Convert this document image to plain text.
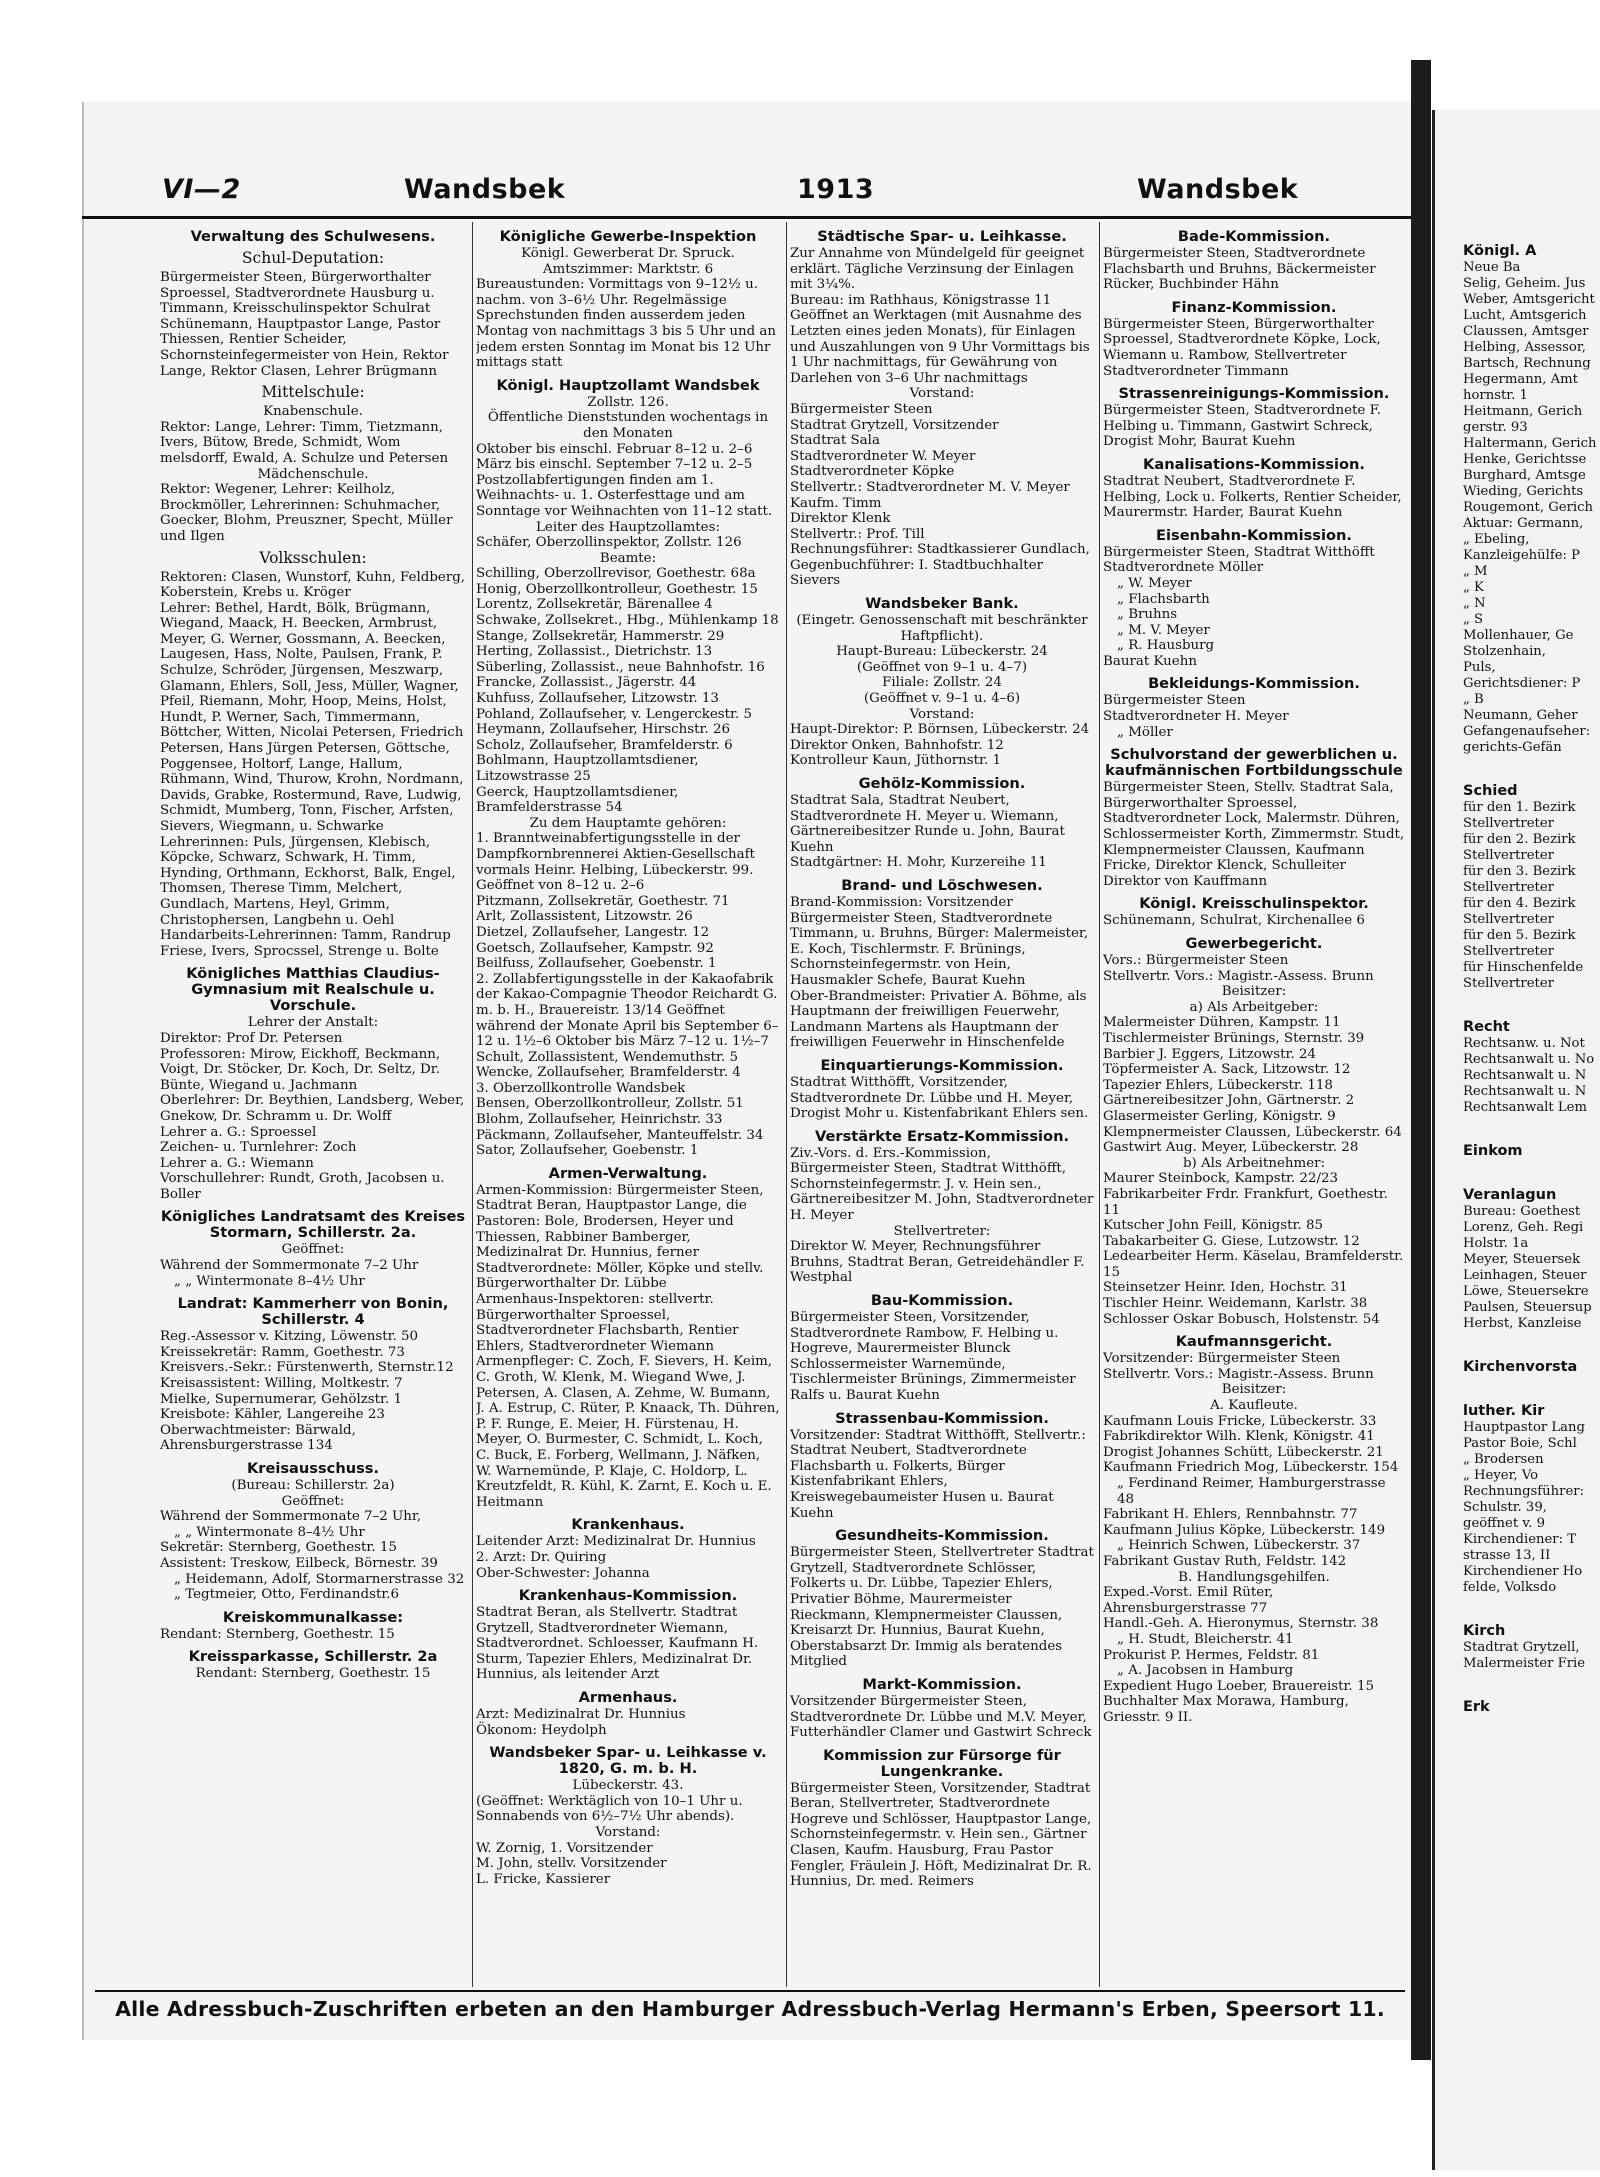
VI—2	Wandsbek	1913	Wandsbek

Verwaltung des Schulwesens.

Schul-Deputation:

Bürgermeister Steen, Bürgerworthalter Sproessel, Stadtverordnete Hausburg u. Timmann, Kreisschulinspektor Schulrat Schünemann, Hauptpastor Lange, Pastor Thiessen, Rentier Scheider, Schornsteinfegermeister von Hein, Rektor Lange, Rektor Clasen, Lehrer Brügmann

Mittelschule:

Knabenschule.

Rektor: Lange, Lehrer: Timm, Tietzmann, Ivers, Bütow, Brede, Schmidt, Wom melsdorff, Ewald, A. Schulze und Petersen

Mädchenschule.

Rektor: Wegener, Lehrer: Keilholz, Brockmöller, Lehrerinnen: Schuhmacher, Goecker, Blohm, Preuszner, Specht, Müller und Ilgen

Volksschulen:

Rektoren: Clasen, Wunstorf, Kuhn, Feldberg, Koberstein, Krebs u. Kröger

Lehrer: Bethel, Hardt, Bölk, Brügmann, Wiegand, Maack, H. Beecken, Armbrust, Meyer, G. Werner, Gossmann, A. Beecken, Laugesen, Hass, Nolte, Paulsen, Frank, P. Schulze, Schröder, Jürgensen, Meszwarp, Glamann, Ehlers, Soll, Jess, Müller, Wagner, Pfeil, Riemann, Mohr, Hoop, Meins, Holst, Hundt, P. Werner, Sach, Timmermann, Böttcher, Witten, Nicolai Petersen, Friedrich Petersen, Hans Jürgen Petersen, Göttsche, Poggensee, Holtorf, Lange, Hallum, Rühmann, Wind, Thurow, Krohn, Nordmann, Davids, Grabke, Rostermund, Rave, Ludwig, Schmidt, Mumberg, Tonn, Fischer, Arfsten, Sievers, Wiegmann, u. Schwarke

Lehrerinnen: Puls, Jürgensen, Klebisch, Köpcke, Schwarz, Schwark, H. Timm, Hynding, Orthmann, Eckhorst, Balk, Engel, Thomsen, Therese Timm, Melchert, Gundlach, Martens, Heyl, Grimm, Christophersen, Langbehn u. Oehl

Handarbeits-Lehrerinnen: Tamm, Randrup Friese, Ivers, Sprocssel, Strenge u. Bolte

Königliches Matthias Claudius-Gymnasium mit Realschule u. Vorschule.

Lehrer der Anstalt:

Direktor: Prof Dr. Petersen

Professoren: Mirow, Eickhoff, Beckmann, Voigt, Dr. Stöcker, Dr. Koch, Dr. Seltz, Dr. Bünte, Wiegand u. Jachmann

Oberlehrer: Dr. Beythien, Landsberg, Weber, Gnekow, Dr. Schramm u. Dr. Wolff

Lehrer a. G.: Sproessel

Zeichen- u. Turnlehrer: Zoch

Lehrer a. G.: Wiemann

Vorschullehrer: Rundt, Groth, Jacobsen u. Boller

Königliches Landratsamt des Kreises Stormarn, Schillerstr. 2a.

Geöffnet:

Während der Sommermonate 7–2 Uhr

„ „ Wintermonate 8–4½ Uhr

Landrat: Kammerherr von Bonin, Schillerstr. 4

Reg.-Assessor v. Kitzing, Löwenstr. 50

Kreissekretär: Ramm, Goethestr. 73

Kreisvers.-Sekr.: Fürstenwerth, Sternstr.12

Kreisassistent: Willing, Moltkestr. 7

Mielke, Supernumerar, Gehölzstr. 1

Kreisbote: Kähler, Langereihe 23

Oberwachtmeister: Bärwald, Ahrensburgerstrasse 134

Kreisausschuss.

(Bureau: Schillerstr. 2a)

Geöffnet:

Während der Sommermonate 7–2 Uhr,

„ „ Wintermonate 8–4½ Uhr

Sekretär: Sternberg, Goethestr. 15

Assistent: Treskow, Eilbeck, Börnestr. 39

„ Heidemann, Adolf, Stormarnerstrasse 32

„ Tegtmeier, Otto, Ferdinandstr.6

Kreiskommunalkasse:

Rendant: Sternberg, Goethestr. 15

Kreissparkasse, Schillerstr. 2a

Rendant: Sternberg, Goethestr. 15

Königliche Gewerbe-Inspektion

Königl. Gewerberat Dr. Spruck.

Amtszimmer: Marktstr. 6

Bureaustunden: Vormittags von 9–12½ u. nachm. von 3–6½ Uhr. Regelmässige Sprechstunden finden ausserdem jeden Montag von nachmittags 3 bis 5 Uhr und an jedem ersten Sonntag im Monat bis 12 Uhr mittags statt

Königl. Hauptzollamt Wandsbek

Zollstr. 126.

Öffentliche Dienststunden wochentags in den Monaten

Oktober bis einschl. Februar 8–12 u. 2–6

März bis einschl. September 7–12 u. 2–5

Postzollabfertigungen finden am 1. Weihnachts- u. 1. Osterfesttage und am Sonntage vor Weihnachten von 11–12 statt.

Leiter des Hauptzollamtes:

Schäfer, Oberzollinspektor, Zollstr. 126

Beamte:

Schilling, Oberzollrevisor, Goethestr. 68a

Honig, Oberzollkontrolleur, Goethestr. 15

Lorentz, Zollsekretär, Bärenallee 4

Schwake, Zollsekret., Hbg., Mühlenkamp 18

Stange, Zollsekretär, Hammerstr. 29

Herting, Zollassist., Dietrichstr. 13

Süberling, Zollassist., neue Bahnhofstr. 16

Francke, Zollassist., Jägerstr. 44

Kuhfuss, Zollaufseher, Litzowstr. 13

Pohland, Zollaufseher, v. Lengerckestr. 5

Heymann, Zollaufseher, Hirschstr. 26

Scholz, Zollaufseher, Bramfelderstr. 6

Bohlmann, Hauptzollamtsdiener, Litzowstrasse 25

Geerck, Hauptzollamtsdiener, Bramfelderstrasse 54

Zu dem Hauptamte gehören:

1. Branntweinabfertigungsstelle in der Dampfkornbrennerei Aktien-Gesellschaft vormals Heinr. Helbing, Lübeckerstr. 99. Geöffnet von 8–12 u. 2–6

Pitzmann, Zollsekretär, Goethestr. 71

Arlt, Zollassistent, Litzowstr. 26

Dietzel, Zollaufseher, Langestr. 12

Goetsch, Zollaufseher, Kampstr. 92

Beilfuss, Zollaufseher, Goebenstr. 1

2. Zollabfertigungsstelle in der Kakaofabrik der Kakao-Compagnie Theodor Reichardt G. m. b. H., Brauereistr. 13/14 Geöffnet während der Monate April bis September 6–12 u. 1½–6 Oktober bis März 7–12 u. 1½–7

Schult, Zollassistent, Wendemuthstr. 5

Wencke, Zollaufseher, Bramfelderstr. 4

3. Oberzollkontrolle Wandsbek

Bensen, Oberzollkontrolleur, Zollstr. 51

Blohm, Zollaufseher, Heinrichstr. 33

Päckmann, Zollaufseher, Manteuffelstr. 34

Sator, Zollaufseher, Goebenstr. 1

Armen-Verwaltung.

Armen-Kommission: Bürgermeister Steen, Stadtrat Beran, Hauptpastor Lange, die Pastoren: Bole, Brodersen, Heyer und Thiessen, Rabbiner Bamberger, Medizinalrat Dr. Hunnius, ferner Stadtverordnete: Möller, Köpke und stellv. Bürgerworthalter Dr. Lübbe

Armenhaus-Inspektoren: stellvertr. Bürgerworthalter Sproessel, Stadtverordneter Flachsbarth, Rentier Ehlers, Stadtverordneter Wiemann

Armenpfleger: C. Zoch, F. Sievers, H. Keim, C. Groth, W. Klenk, M. Wiegand Wwe, J. Petersen, A. Clasen, A. Zehme, W. Bumann, J. A. Estrup, C. Rüter, P. Knaack, Th. Dühren, P. F. Runge, E. Meier, H. Fürstenau, H. Meyer, O. Burmester, C. Schmidt, L. Koch, C. Buck, E. Forberg, Wellmann, J. Näfken, W. Warnemünde, P. Klaje, C. Holdorp, L. Kreutzfeldt, R. Kühl, K. Zarnt, E. Koch u. E. Heitmann

Krankenhaus.

Leitender Arzt: Medizinalrat Dr. Hunnius

2. Arzt: Dr. Quiring

Ober-Schwester: Johanna

Krankenhaus-Kommission.

Stadtrat Beran, als Stellvertr. Stadtrat Grytzell, Stadtverordneter Wiemann, Stadtverordnet. Schloesser, Kaufmann H. Sturm, Tapezier Ehlers, Medizinalrat Dr. Hunnius, als leitender Arzt

Armenhaus.

Arzt: Medizinalrat Dr. Hunnius

Ökonom: Heydolph

Wandsbeker Spar- u. Leihkasse v. 1820, G. m. b. H.

Lübeckerstr. 43.

(Geöffnet: Werktäglich von 10–1 Uhr u. Sonnabends von 6½–7½ Uhr abends).

Vorstand:

W. Zornig, 1. Vorsitzender

M. John, stellv. Vorsitzender

L. Fricke, Kassierer

Städtische Spar- u. Leihkasse.

Zur Annahme von Mündelgeld für geeignet erklärt. Tägliche Verzinsung der Einlagen mit 3¼%.

Bureau: im Rathhaus, Königstrasse 11

Geöffnet an Werktagen (mit Ausnahme des Letzten eines jeden Monats), für Einlagen und Auszahlungen von 9 Uhr Vormittags bis 1 Uhr nachmittags, für Gewährung von Darlehen von 3–6 Uhr nachmittags

Vorstand:

Bürgermeister Steen

Stadtrat Grytzell, Vorsitzender

Stadtrat Sala

Stadtverordneter W. Meyer

Stadtverordneter Köpke

Stellvertr.: Stadtverordneter M. V. Meyer

Kaufm. Timm

Direktor Klenk

Stellvertr.: Prof. Till

Rechnungsführer: Stadtkassierer Gundlach, Gegenbuchführer: I. Stadtbuchhalter Sievers

Wandsbeker Bank.

(Eingetr. Genossenschaft mit beschränkter Haftpflicht).

Haupt-Bureau: Lübeckerstr. 24

(Geöffnet von 9–1 u. 4–7)

Filiale: Zollstr. 24

(Geöffnet v. 9–1 u. 4–6)

Vorstand:

Haupt-Direktor: P. Börnsen, Lübeckerstr. 24

Direktor Onken, Bahnhofstr. 12

Kontrolleur Kaun, Jüthornstr. 1

Gehölz-Kommission.

Stadtrat Sala, Stadtrat Neubert, Stadtverordnete H. Meyer u. Wiemann, Gärtnereibesitzer Runde u. John, Baurat Kuehn

Stadtgärtner: H. Mohr, Kurzereihe 11

Brand- und Löschwesen.

Brand-Kommission: Vorsitzender Bürgermeister Steen, Stadtverordnete Timmann, u. Bruhns, Bürger: Malermeister, E. Koch, Tischlermstr. F. Brünings, Schornsteinfegermstr. von Hein, Hausmakler Schefe, Baurat Kuehn

Ober-Brandmeister: Privatier A. Böhme, als Hauptmann der freiwilligen Feuerwehr, Landmann Martens als Hauptmann der freiwilligen Feuerwehr in Hinschenfelde

Einquartierungs-Kommission.

Stadtrat Witthöfft, Vorsitzender, Stadtverordnete Dr. Lübbe und H. Meyer, Drogist Mohr u. Kistenfabrikant Ehlers sen.

Verstärkte Ersatz-Kommission.

Ziv.-Vors. d. Ers.-Kommission, Bürgermeister Steen, Stadtrat Witthöfft, Schornsteinfegermstr. J. v. Hein sen., Gärtnereibesitzer M. John, Stadtverordneter H. Meyer

Stellvertreter:

Direktor W. Meyer, Rechnungsführer Bruhns, Stadtrat Beran, Getreidehändler F. Westphal

Bau-Kommission.

Bürgermeister Steen, Vorsitzender, Stadtverordnete Rambow, F. Helbing u. Hogreve, Maurermeister Blunck Schlossermeister Warnemünde, Tischlermeister Brünings, Zimmermeister Ralfs u. Baurat Kuehn

Strassenbau-Kommission.

Vorsitzender: Stadtrat Witthöfft, Stellvertr.: Stadtrat Neubert, Stadtverordnete Flachsbarth u. Folkerts, Bürger Kistenfabrikant Ehlers, Kreiswegebaumeister Husen u. Baurat Kuehn

Gesundheits-Kommission.

Bürgermeister Steen, Stellvertreter Stadtrat Grytzell, Stadtverordnete Schlösser, Folkerts u. Dr. Lübbe, Tapezier Ehlers, Privatier Böhme, Maurermeister Rieckmann, Klempnermeister Claussen, Kreisarzt Dr. Hunnius, Baurat Kuehn, Oberstabsarzt Dr. Immig als beratendes Mitglied

Markt-Kommission.

Vorsitzender Bürgermeister Steen, Stadtverordnete Dr. Lübbe und M.V. Meyer, Futterhändler Clamer und Gastwirt Schreck

Kommission zur Fürsorge für Lungenkranke.

Bürgermeister Steen, Vorsitzender, Stadtrat Beran, Stellvertreter, Stadtverordnete Hogreve und Schlösser, Hauptpastor Lange, Schornsteinfegermstr. v. Hein sen., Gärtner Clasen, Kaufm. Hausburg, Frau Pastor Fengler, Fräulein J. Höft, Medizinalrat Dr. R. Hunnius, Dr. med. Reimers

Bade-Kommission.

Bürgermeister Steen, Stadtverordnete Flachsbarth und Bruhns, Bäckermeister Rücker, Buchbinder Hähn

Finanz-Kommission.

Bürgermeister Steen, Bürgerworthalter Sproessel, Stadtverordnete Köpke, Lock, Wiemann u. Rambow, Stellvertreter Stadtverordneter Timmann

Strassenreinigungs-Kommission.

Bürgermeister Steen, Stadtverordnete F. Helbing u. Timmann, Gastwirt Schreck, Drogist Mohr, Baurat Kuehn

Kanalisations-Kommission.

Stadtrat Neubert, Stadtverordnete F. Helbing, Lock u. Folkerts, Rentier Scheider, Maurermstr. Harder, Baurat Kuehn

Eisenbahn-Kommission.

Bürgermeister Steen, Stadtrat Witthöfft

Stadtverordnete Möller

„ W. Meyer

„ Flachsbarth

„ Bruhns

„ M. V. Meyer

„ R. Hausburg

Baurat Kuehn

Bekleidungs-Kommission.

Bürgermeister Steen

Stadtverordneter H. Meyer

„ Möller

Schulvorstand der gewerblichen u. kaufmännischen Fortbildungsschule

Bürgermeister Steen, Stellv. Stadtrat Sala, Bürgerworthalter Sproessel, Stadtverordneter Lock, Malermstr. Dühren, Schlossermeister Korth, Zimmermstr. Studt, Klempnermeister Claussen, Kaufmann Fricke, Direktor Klenck, Schulleiter Direktor von Kauffmann

Königl. Kreisschulinspektor.

Schünemann, Schulrat, Kirchenallee 6

Gewerbegericht.

Vors.: Bürgermeister Steen

Stellvertr. Vors.: Magistr.-Assess. Brunn

Beisitzer:

a) Als Arbeitgeber:

Malermeister Dühren, Kampstr. 11

Tischlermeister Brünings, Sternstr. 39

Barbier J. Eggers, Litzowstr. 24

Töpfermeister A. Sack, Litzowstr. 12

Tapezier Ehlers, Lübeckerstr. 118

Gärtnereibesitzer John, Gärtnerstr. 2

Glasermeister Gerling, Königstr. 9

Klempnermeister Claussen, Lübeckerstr. 64

Gastwirt Aug. Meyer, Lübeckerstr. 28

b) Als Arbeitnehmer:

Maurer Steinbock, Kampstr. 22/23

Fabrikarbeiter Frdr. Frankfurt, Goethestr. 11

Kutscher John Feill, Königstr. 85

Tabakarbeiter G. Giese, Lutzowstr. 12

Ledearbeiter Herm. Käselau, Bramfelderstr. 15

Steinsetzer Heinr. Iden, Hochstr. 31

Tischler Heinr. Weidemann, Karlstr. 38

Schlosser Oskar Bobusch, Holstenstr. 54

Kaufmannsgericht.

Vorsitzender: Bürgermeister Steen

Stellvertr. Vors.: Magistr.-Assess. Brunn

Beisitzer:

A. Kaufleute.

Kaufmann Louis Fricke, Lübeckerstr. 33

Fabrikdirektor Wilh. Klenk, Königstr. 41

Drogist Johannes Schütt, Lübeckerstr. 21

Kaufmann Friedrich Mog, Lübeckerstr. 154

„ Ferdinand Reimer, Hamburgerstrasse 48

Fabrikant H. Ehlers, Rennbahnstr. 77

Kaufmann Julius Köpke, Lübeckerstr. 149

„ Heinrich Schwen, Lübeckerstr. 37

Fabrikant Gustav Ruth, Feldstr. 142

B. Handlungsgehilfen.

Exped.-Vorst. Emil Rüter, Ahrensburgerstrasse 77

Handl.-Geh. A. Hieronymus, Sternstr. 38

„ H. Studt, Bleicherstr. 41

Prokurist P. Hermes, Feldstr. 81

„ A. Jacobsen in Hamburg

Expedient Hugo Loeber, Brauereistr. 15

Buchhalter Max Morawa, Hamburg, Griesstr. 9 II.

Alle Adressbuch-Zuschriften erbeten an den Hamburger Adressbuch-Verlag Hermann's Erben, Speersort 11.

Königl. A

Neue Ba

Selig, Geheim. Jus

Weber, Amtsgericht

Lucht, Amtsgerich

Claussen, Amtsger

Helbing, Assessor,

Bartsch, Rechnung

Hegermann, Amt

hornstr. 1

Heitmann, Gerich

gerstr. 93

Haltermann, Gerich

Henke, Gerichtsse

Burghard, Amtsge

Wieding, Gerichts

Rougemont, Gerich

Aktuar: Germann,

„ Ebeling,

Kanzleigehülfe: P

„ M

„ K

„ N

„ S

Mollenhauer, Ge

Stolzenhain,

Puls,

Gerichtsdiener: P

„ B

Neumann, Geher

Gefangenaufseher:

gerichts-Gefän

Schied

für den 1. Bezirk

Stellvertreter

für den 2. Bezirk

Stellvertreter

für den 3. Bezirk

Stellvertreter

für den 4. Bezirk

Stellvertreter

für den 5. Bezirk

Stellvertreter

für Hinschenfelde

Stellvertreter

Recht

Rechtsanw. u. Not

Rechtsanwalt u. No

Rechtsanwalt u. N

Rechtsanwalt u. N

Rechtsanwalt Lem

Einkom

Veranlagun

Bureau: Goethest

Lorenz, Geh. Regi

Holstr. 1a

Meyer, Steuersek

Leinhagen, Steuer

Löwe, Steuersekre

Paulsen, Steuersup

Herbst, Kanzleise

Kirchenvorsta

luther. Kir

Hauptpastor Lang

Pastor Boie, Schl

„ Brodersen

„ Heyer, Vo

Rechnungsführer:

Schulstr. 39,

geöffnet v. 9

Kirchendiener: T

strasse 13, II

Kirchendiener Ho

felde, Volksdo

Kirch

Stadtrat Grytzell,

Malermeister Frie

Erk
